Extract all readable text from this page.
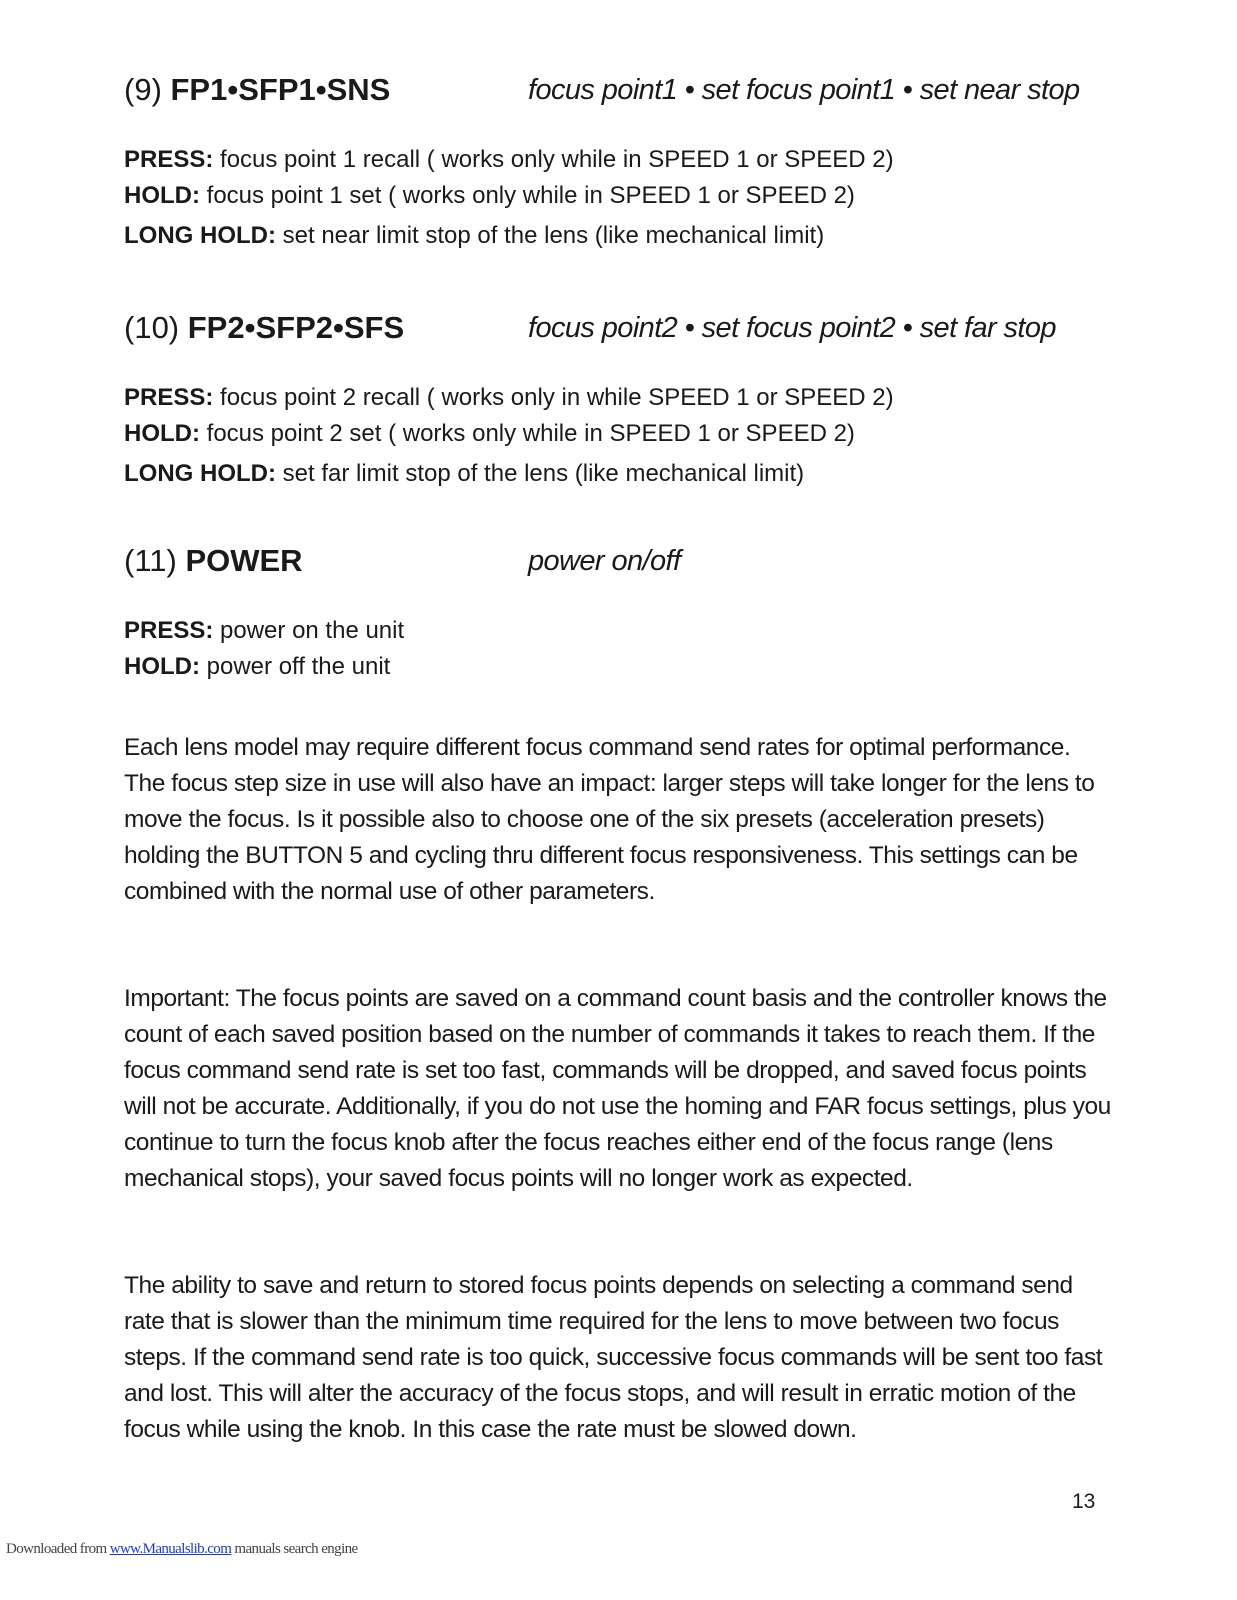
(9) FP1•SFP1•SNS	focus point1 • set focus point1 • set near stop
PRESS: focus point 1 recall ( works only while in SPEED 1 or SPEED 2)
HOLD: focus point 1 set ( works only while in SPEED 1 or SPEED 2)
LONG HOLD: set near limit stop of the lens (like mechanical limit)
(10) FP2•SFP2•SFS	focus point2 • set focus point2 • set far stop
PRESS: focus point 2 recall ( works only in while SPEED 1 or SPEED 2)
HOLD: focus point 2 set ( works only while in SPEED 1 or SPEED 2)
LONG HOLD: set far limit stop of the lens (like mechanical limit)
(11) POWER	power on/off
PRESS: power on the unit
HOLD: power off the unit

Each lens model may require different focus command send rates for optimal performance. The focus step size in use will also have an impact: larger steps will take longer for the lens to move the focus. Is it possible also to choose one of the six presets (acceleration presets) holding the BUTTON 5 and cycling thru different focus responsiveness. This settings can be combined with the normal use of other parameters.

Important: The focus points are saved on a command count basis and the controller knows the count of each saved position based on the number of commands it takes to reach them. If the focus command send rate is set too fast, commands will be dropped, and saved focus points will not be accurate. Additionally, if you do not use the homing and FAR focus settings, plus you continue to turn the focus knob after the focus reaches either end of the focus range (lens mechanical stops), your saved focus points will no longer work as expected.

The ability to save and return to stored focus points depends on selecting a command send rate that is slower than the minimum time required for the lens to move between two focus steps. If the command send rate is too quick, successive focus commands will be sent too fast and lost. This will alter the accuracy of the focus stops, and will result in erratic motion of the focus while using the knob. In this case the rate must be slowed down.

13
Downloaded from www.Manualslib.com manuals search engine
